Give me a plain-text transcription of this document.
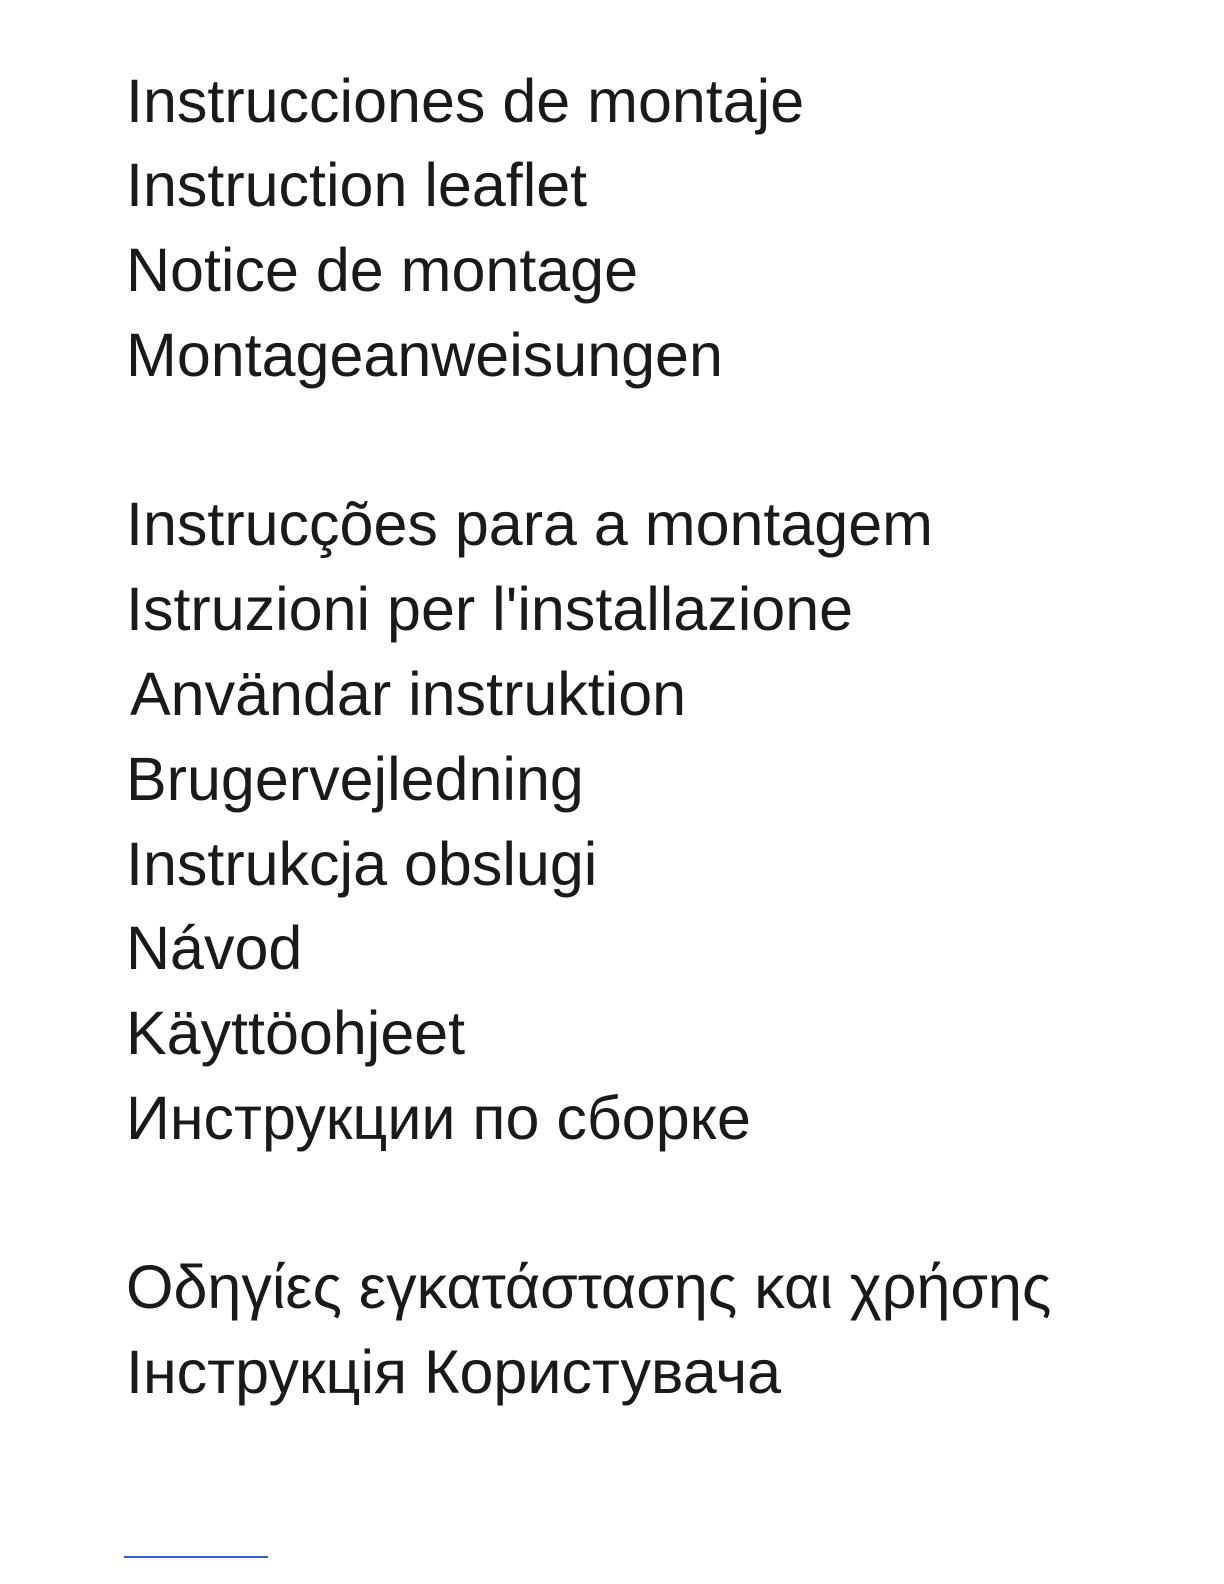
Instrucciones de montaje
Instruction leaflet
Notice de montage
Montageanweisungen
Instrucções para a montagem
Istruzioni per l'installazione
Användar instruktion
Brugervejledning
Instrukcja obslugi
Návod
Käyttöohjeet
Инструкции по сборке
Οδηγίες εγκατάστασης και χρήσης
Інструкція Користувача
